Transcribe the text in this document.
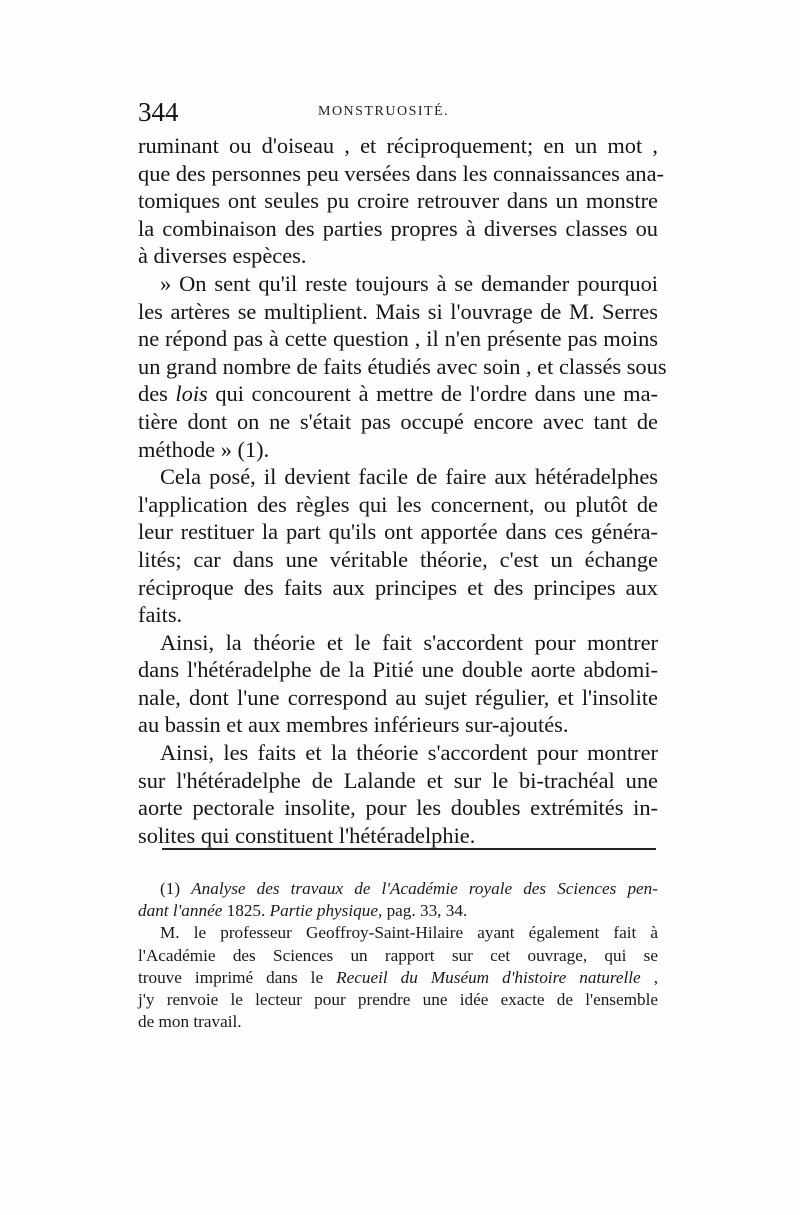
344	MONSTRUOSITÉ.
ruminant ou d'oiseau , et réciproquement; en un mot ,
que des personnes peu versées dans les connaissances ana-
tomiques ont seules pu croire retrouver dans un monstre
la combinaison des parties propres à diverses classes ou
à diverses espèces.
» On sent qu'il reste toujours à se demander pourquoi
les artères se multiplient. Mais si l'ouvrage de M. Serres
ne répond pas à cette question , il n'en présente pas moins
un grand nombre de faits étudiés avec soin , et classés sous
des lois qui concourent à mettre de l'ordre dans une ma-
tière dont on ne s'était pas occupé encore avec tant de
méthode » (1).
Cela posé, il devient facile de faire aux hétéradelphes
l'application des règles qui les concernent, ou plutôt de
leur restituer la part qu'ils ont apportée dans ces généra-
lités; car dans une véritable théorie, c'est un échange
réciproque des faits aux principes et des principes aux
faits.
Ainsi, la théorie et le fait s'accordent pour montrer
dans l'hétéradelphe de la Pitié une double aorte abdomi-
nale, dont l'une correspond au sujet régulier, et l'insolite
au bassin et aux membres inférieurs sur-ajoutés.
Ainsi, les faits et la théorie s'accordent pour montrer
sur l'hétéradelphe de Lalande et sur le bi-trachéal une
aorte pectorale insolite, pour les doubles extrémités in-
solites qui constituent l'hétéradelphie.
(1) Analyse des travaux de l'Académie royale des Sciences pen-
dant l'année 1825. Partie physique, pag. 33, 34.
M. le professeur Geoffroy-Saint-Hilaire ayant également fait à
l'Académie des Sciences un rapport sur cet ouvrage, qui se
trouve imprimé dans le Recueil du Muséum d'histoire naturelle ,
j'y renvoie le lecteur pour prendre une idée exacte de l'ensemble
de mon travail.
